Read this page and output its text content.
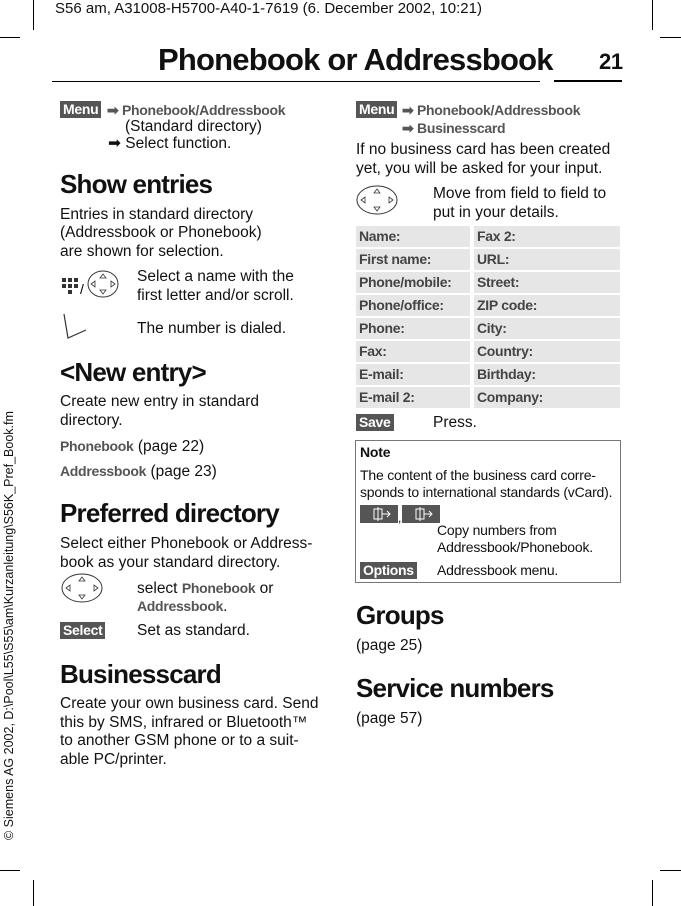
S56 am, A31008-H5700-A40-1-7619 (6. December 2002, 10:21)
© Siemens AG 2002, D:\Pool\L55\S55\am\Kurzanleitung\S56K_Pref_Book.fm
Phonebook or Addressbook 21
Menu ➡ Phonebook/Addressbook
(Standard directory)
➡ Select function.
Show entries
Entries in standard directory
(Addressbook or Phonebook)
are shown for selection.
/
Select a name with the
first letter and/or scroll.
The number is dialed.
<New entry>
Create new entry in standard
directory.
Phonebook (page 22)
Addressbook (page 23)
Preferred directory
Select either Phonebook or Address-
book as your standard directory.
select Phonebook or
Addressbook.
Select Set as standard.
Businesscard
Create your own business card. Send
this by SMS, infrared or Bluetooth™
to another GSM phone or to a suit-
able PC/printer.
Menu ➡ Phonebook/Addressbook
➡ Businesscard
If no business card has been created
yet, you will be asked for your input.
Move from field to field to
put in your details.
Name:	Fax 2:
First name:	URL:
Phone/mobile:	Street:
Phone/office:	ZIP code:
Phone:	City:
Fax:	Country:
E-mail:	Birthday:
E-mail 2:	Company:
Save	Press.
Note
The content of the business card corre-
sponds to international standards (vCard).
,
Copy numbers from
Addressbook/Phonebook.
Options Addressbook menu.
Groups
(page 25)
Service numbers
(page 57)
